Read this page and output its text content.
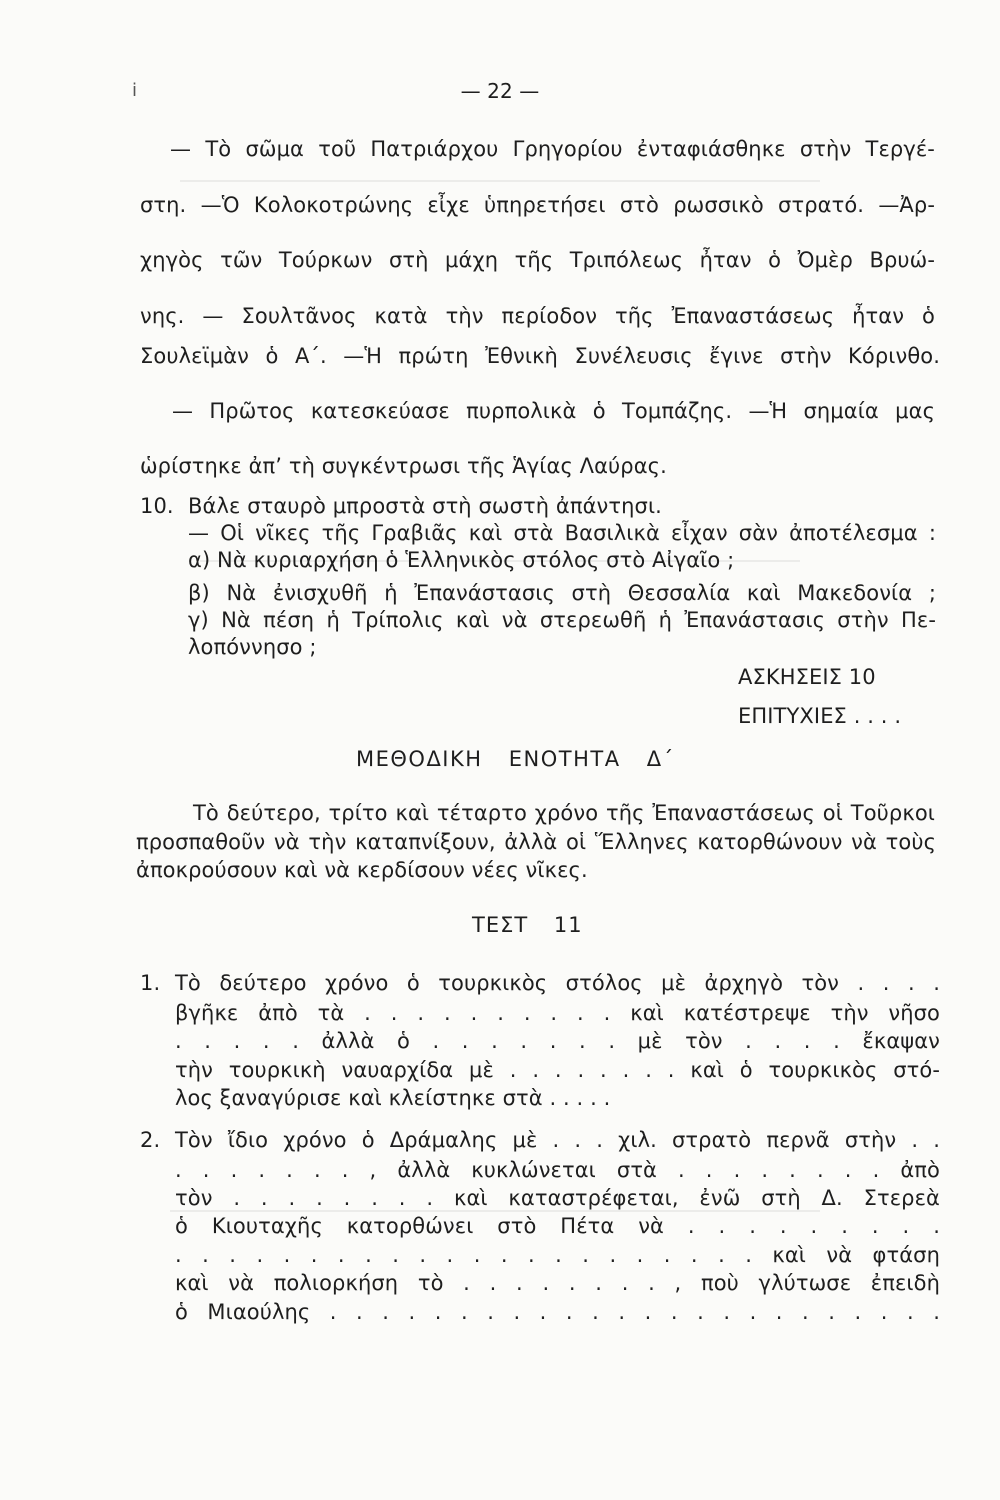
i	— 22 —
— Τὸ σῶμα τοῦ Πατριάρχου Γρηγορίου ἐνταφιάσθηκε στὴν Τεργέ-
στη. —Ὁ Κολοκοτρώνης εἶχε ὑπηρετήσει στὸ ρωσσικὸ στρατό. —Ἀρ-
χηγὸς τῶν Τούρκων στὴ μάχη τῆς Τριπόλεως ἦταν ὁ Ὀμὲρ Βρυώ-
νης. — Σουλτᾶνος κατὰ τὴν περίοδον τῆς Ἐπαναστάσεως ἦταν ὁ
Σουλεϊμὰν ὁ Α΄. —Ἡ πρώτη Ἐθνικὴ Συνέλευσις ἔγινε στὴν Κόρινθο.
— Πρῶτος κατεσκεύασε πυρπολικὰ ὁ Τομπάζης. —Ἡ σημαία μας
ὡρίστηκε ἀπ’ τὴ συγκέντρωσι τῆς Ἁγίας Λαύρας.
10. Βάλε σταυρὸ μπροστὰ στὴ σωστὴ ἀπάντησι.
— Οἱ νῖκες τῆς Γραβιᾶς καὶ στὰ Βασιλικὰ εἶχαν σὰν ἀποτέλεσμα :
α) Νὰ κυριαρχήση ὁ Ἑλληνικὸς στόλος στὸ Αἰγαῖο ;
β) Νὰ ἐνισχυθῆ ἡ Ἐπανάστασις στὴ Θεσσαλία καὶ Μακεδονία ;
γ) Νὰ πέση ἡ Τρίπολις καὶ νὰ στερεωθῆ ἡ Ἐπανάστασις στὴν Πε-
λοπόννησο ;
ΑΣΚΗΣΕΙΣ 10
ΕΠΙΤΥΧΙΕΣ . . . .
ΜΕΘΟΔΙΚΗ ΕΝΟΤΗΤΑ Δ΄
Τὸ δεύτερο, τρίτο καὶ τέταρτο χρόνο τῆς Ἐπαναστάσεως οἱ Τοῦρκοι
προσπαθοῦν νὰ τὴν καταπνίξουν, ἀλλὰ οἱ Ἕλληνες κατορθώνουν νὰ τοὺς
ἀποκρούσουν καὶ νὰ κερδίσουν νέες νῖκες.
ΤΕΣΤ 11
1. Τὸ δεύτερο χρόνο ὁ τουρκικὸς στόλος μὲ ἀρχηγὸ τὸν . . . .
βγῆκε ἀπὸ τὰ . . . . . . . . . . καὶ κατέστρεψε τὴν νῆσο
. . . . . ἀλλὰ ὁ . . . . . . . μὲ τὸν . . . . ἔκαψαν
τὴν τουρκικὴ ναυαρχίδα μὲ . . . . . . . . καὶ ὁ τουρκικὸς στό-
λος ξαναγύρισε καὶ κλείστηκε στὰ . . . . .
2. Τὸν ἴδιο χρόνο ὁ Δράμαλης μὲ . . . χιλ. στρατὸ περνᾶ στὴν . .
. . . . . . . , ἀλλὰ κυκλώνεται στὰ . . . . . . . . ἀπὸ
τὸν . . . . . . . . καὶ καταστρέφεται, ἐνῶ στὴ Δ. Στερεὰ
ὁ Κιουταχῆς κατορθώνει στὸ Πέτα νὰ . . . . . . . . .
. . . . . . . . . . . . . . . . . . . . . . καὶ νὰ φτάση
καὶ νὰ πολιορκήση τὸ . . . . . . . . , ποὺ γλύτωσε ἐπειδὴ
ὁ Μιαούλης . . . . . . . . . . . . . . . . . . . . . . . .
